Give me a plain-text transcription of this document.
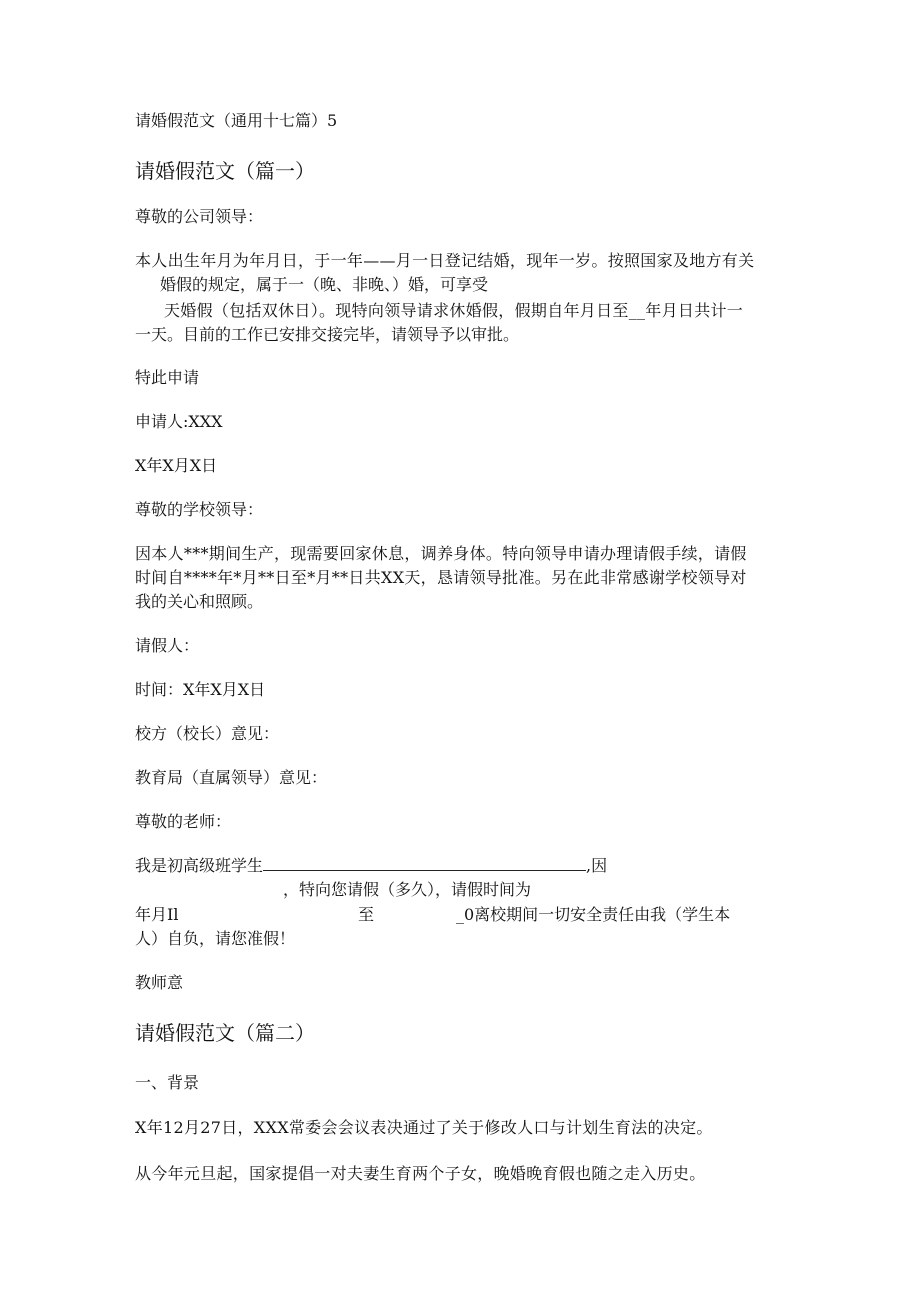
请婚假范文（通用十七篇）5

请婚假范文（篇一）

尊敬的公司领导：

本人出生年月为年月日，于一年——月一日登记结婚，现年一岁。按照国家及地方有关

婚假的规定，属于一（晚、非晚、）婚，可享受

天婚假（包括双休日）。现特向领导请求休婚假，假期自年月日至__年月日共计一

一天。目前的工作已安排交接完毕，请领导予以审批。

特此申请

申请人:XXX

X年X月X日

尊敬的学校领导：

因本人***期间生产，现需要回家休息，调养身体。特向领导申请办理请假手续，请假

时间自****年*月**日至*月**日共XX天，恳请领导批准。另在此非常感谢学校领导对

我的关心和照顾。

请假人：

时间：X年X月X日

校方（校长）意见：

教育局（直属领导）意见：

尊敬的老师：

我是初高级班学生	,因

，特向您请假（多久），请假时间为

年月Il	至	_0离校期间一切安全责任由我（学生本

人）自负，请您准假！

教师意

请婚假范文（篇二）

一、背景

X年12月27日，XXX常委会会议表决通过了关于修改人口与计划生育法的决定。

从今年元旦起，国家提倡一对夫妻生育两个子女，晚婚晚育假也随之走入历史。
